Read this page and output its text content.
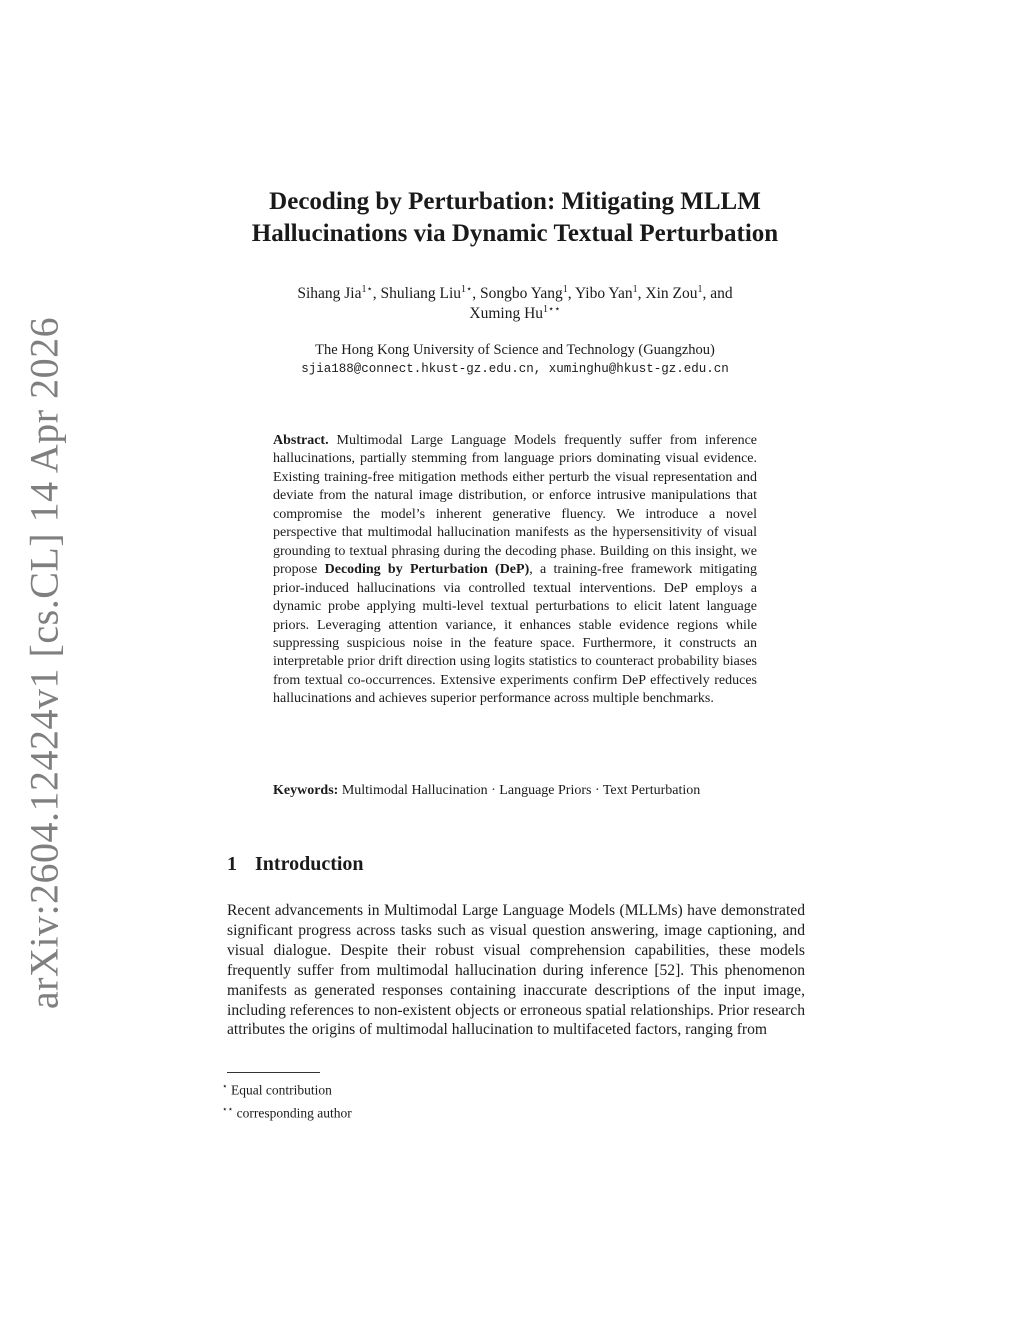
arXiv:2604.12424v1 [cs.CL] 14 Apr 2026
Decoding by Perturbation: Mitigating MLLM
Hallucinations via Dynamic Textual Perturbation
Sihang Jia$^{1⋆}$, Shuliang Liu$^{1⋆}$, Songbo Yang$^1$, Yibo Yan$^1$, Xin Zou$^1$, and
Xuming $Hu^{1⋆⋆}$
The Hong Kong University of Science and Technology (Guangzhou)
sjia188@connect.hkust-gz.edu.cn, xuminghu@hkust-gz.edu.cn
Abstract. Multimodal Large Language Models frequently suffer from inference hallucinations, partially stemming from language priors dominating visual evidence. Existing training-free mitigation methods either perturb the visual representation and deviate from the natural image distribution, or enforce intrusive manipulations that compromise the model’s inherent generative fluency. We introduce a novel perspective that multimodal hallucination manifests as the hypersensitivity of visual grounding to textual phrasing during the decoding phase. Building on this insight, we propose Decoding by Perturbation (DeP), a training-free framework mitigating prior-induced hallucinations via controlled textual interventions. DeP employs a dynamic probe applying multi-level textual perturbations to elicit latent language priors. Leveraging attention variance, it enhances stable evidence regions while suppressing suspicious noise in the feature space. Furthermore, it constructs an interpretable prior drift direction using logits statistics to counteract probability biases from textual co-occurrences. Extensive experiments confirm DeP effectively reduces hallucinations and achieves superior performance across multiple benchmarks.
Keywords: Multimodal Hallucination · Language Priors · Text Perturbation
1 Introduction

Recent advancements in Multimodal Large Language Models (MLLMs) have demonstrated significant progress across tasks such as visual question answering, image captioning, and visual dialogue. Despite their robust visual comprehension capabilities, these models frequently suffer from multimodal hallucination during inference [52]. This phenomenon manifests as generated responses containing inaccurate descriptions of the input image, including references to non-existent objects or erroneous spatial relationships. Prior research attributes the origins of multimodal hallucination to multifaceted factors, ranging from

⋆ Equal contribution
⋆⋆ corresponding author
